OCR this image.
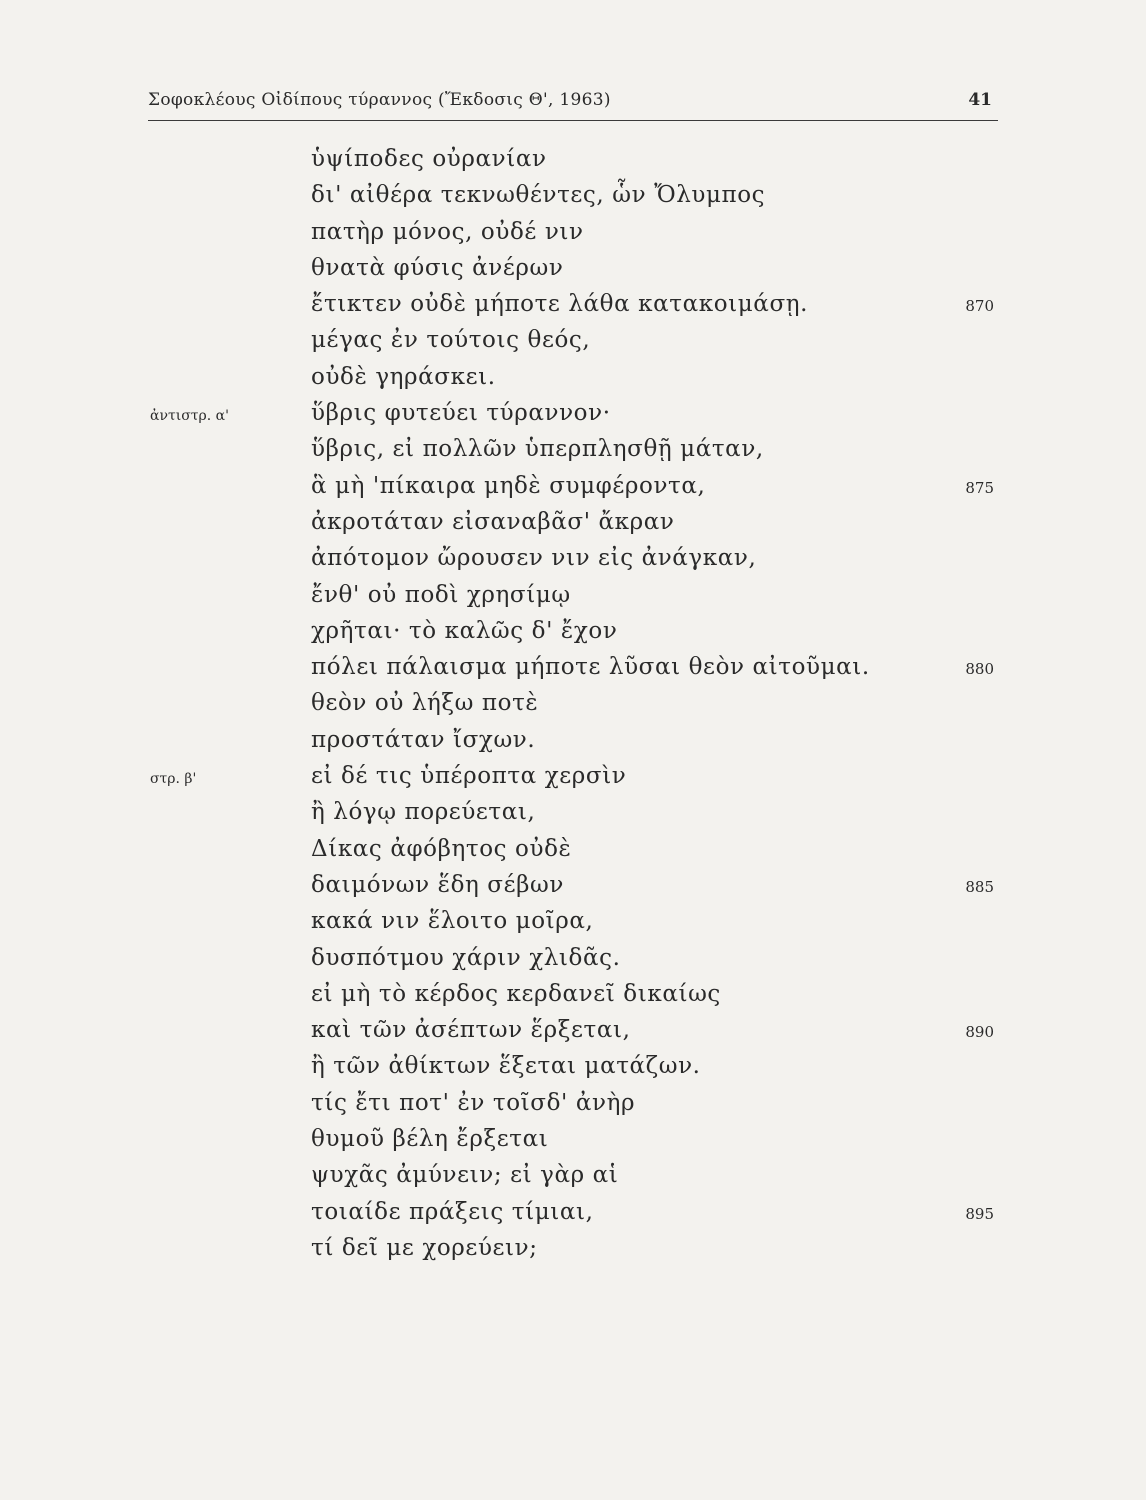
Σοφοκλέους Οἰδίπους τύραννος (Ἔκδοσις Θ', 1963)	41
ὑψίποδες οὐρανίαν
δι' αἰθέρα τεκνωθέντες, ὧν Ὄλυμπος
πατὴρ μόνος, οὐδέ νιν
θνατὰ φύσις ἀνέρων
ἔτικτεν οὐδὲ μήποτε λάθα κατακοιμάσῃ.	870
μέγας ἐν τούτοις θεός,
οὐδὲ γηράσκει.
ἀντιστρ. α'	ὕβρις φυτεύει τύραννον·
ὕβρις, εἰ πολλῶν ὑπερπλησθῇ μάταν,
ἃ μὴ 'πίκαιρα μηδὲ συμφέροντα,	875
ἀκροτάταν εἰσαναβᾶσ' ἄκραν
ἀπότομον ὤρουσεν νιν εἰς ἀνάγκαν,
ἔνθ' οὐ ποδὶ χρησίμῳ
χρῆται· τὸ καλῶς δ' ἔχον
πόλει πάλαισμα μήποτε λῦσαι θεὸν αἰτοῦμαι.	880
θεὸν οὐ λήξω ποτὲ
προστάταν ἴσχων.
στρ. β'	εἰ δέ τις ὑπέροπτα χερσὶν
ἢ λόγῳ πορεύεται,
Δίκας ἀφόβητος οὐδὲ
δαιμόνων ἕδη σέβων	885
κακά νιν ἕλοιτο μοῖρα,
δυσπότμου χάριν χλιδᾶς.
εἰ μὴ τὸ κέρδος κερδανεῖ δικαίως
καὶ τῶν ἀσέπτων ἕρξεται,	890
ἢ τῶν ἀθίκτων ἕξεται ματάζων.
τίς ἔτι ποτ' ἐν τοῖσδ' ἀνὴρ
θυμοῦ βέλη ἔρξεται
ψυχᾶς ἀμύνειν; εἰ γὰρ αἱ
τοιαίδε πράξεις τίμιαι,	895
τί δεῖ με χορεύειν;
